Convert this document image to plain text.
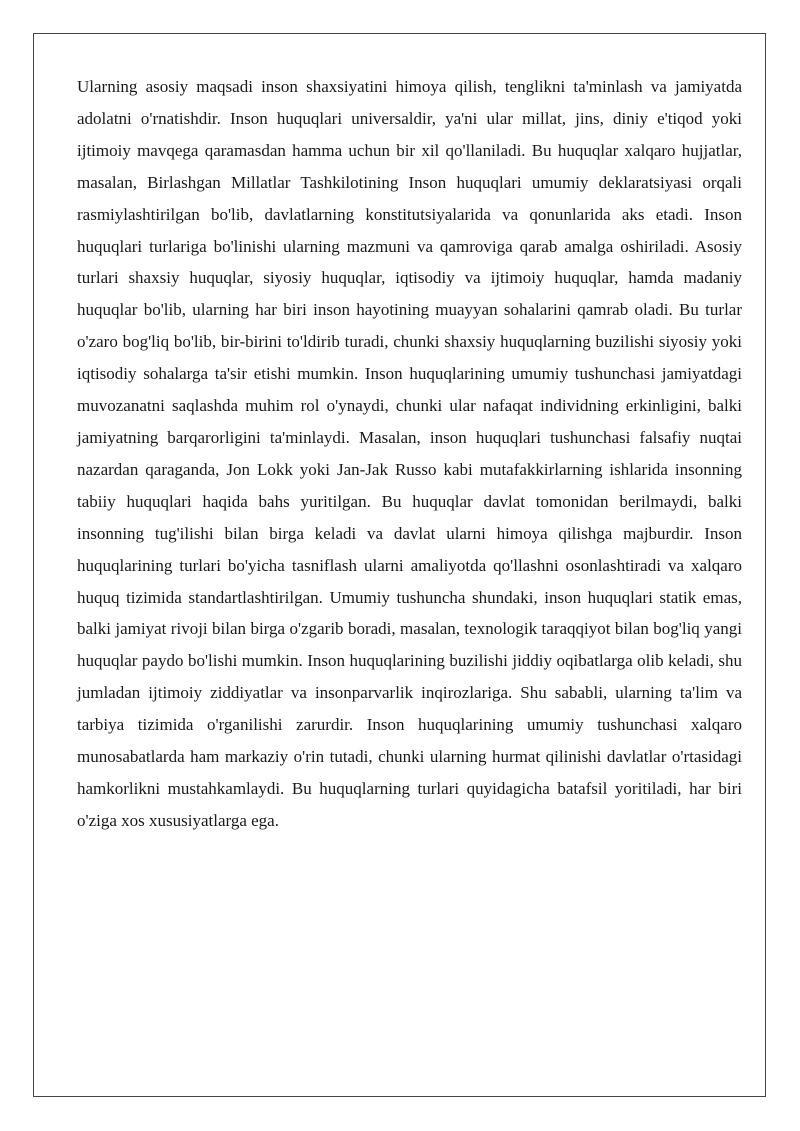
Ularning asosiy maqsadi inson shaxsiyatini himoya qilish, tenglikni ta'minlash va jamiyatda adolatni o'rnatishdir. Inson huquqlari universaldir, ya'ni ular millat, jins, diniy e'tiqod yoki ijtimoiy mavqega qaramasdan hamma uchun bir xil qo'llaniladi. Bu huquqlar xalqaro hujjatlar, masalan, Birlashgan Millatlar Tashkilotining Inson huquqlari umumiy deklaratsiyasi orqali rasmiylashtirilgan bo'lib, davlatlarning konstitutsiyalarida va qonunlarida aks etadi. Inson huquqlari turlariga bo'linishi ularning mazmuni va qamroviga qarab amalga oshiriladi. Asosiy turlari shaxsiy huquqlar, siyosiy huquqlar, iqtisodiy va ijtimoiy huquqlar, hamda madaniy huquqlar bo'lib, ularning har biri inson hayotining muayyan sohalarini qamrab oladi. Bu turlar o'zaro bog'liq bo'lib, bir-birini to'ldirib turadi, chunki shaxsiy huquqlarning buzilishi siyosiy yoki iqtisodiy sohalarga ta'sir etishi mumkin. Inson huquqlarining umumiy tushunchasi jamiyatdagi muvozanatni saqlashda muhim rol o'ynaydi, chunki ular nafaqat individning erkinligini, balki jamiyatning barqarorligini ta'minlaydi. Masalan, inson huquqlari tushunchasi falsafiy nuqtai nazardan qaraganda, Jon Lokk yoki Jan-Jak Russo kabi mutafakkirlarning ishlarida insonning tabiiy huquqlari haqida bahs yuritilgan. Bu huquqlar davlat tomonidan berilmaydi, balki insonning tug'ilishi bilan birga keladi va davlat ularni himoya qilishga majburdir. Inson huquqlarining turlari bo'yicha tasniflash ularni amaliyotda qo'llashni osonlashtiradi va xalqaro huquq tizimida standartlashtirilgan. Umumiy tushuncha shundaki, inson huquqlari statik emas, balki jamiyat rivoji bilan birga o'zgarib boradi, masalan, texnologik taraqqiyot bilan bog'liq yangi huquqlar paydo bo'lishi mumkin. Inson huquqlarining buzilishi jiddiy oqibatlarga olib keladi, shu jumladan ijtimoiy ziddiyatlar va insonparvarlik inqirozlariga. Shu sababli, ularning ta'lim va tarbiya tizimida o'rganilishi zarurdir. Inson huquqlarining umumiy tushunchasi xalqaro munosabatlarda ham markaziy o'rin tutadi, chunki ularning hurmat qilinishi davlatlar o'rtasidagi hamkorlikni mustahkamlaydi. Bu huquqlarning turlari quyidagicha batafsil yoritiladi, har biri o'ziga xos xususiyatlarga ega.
